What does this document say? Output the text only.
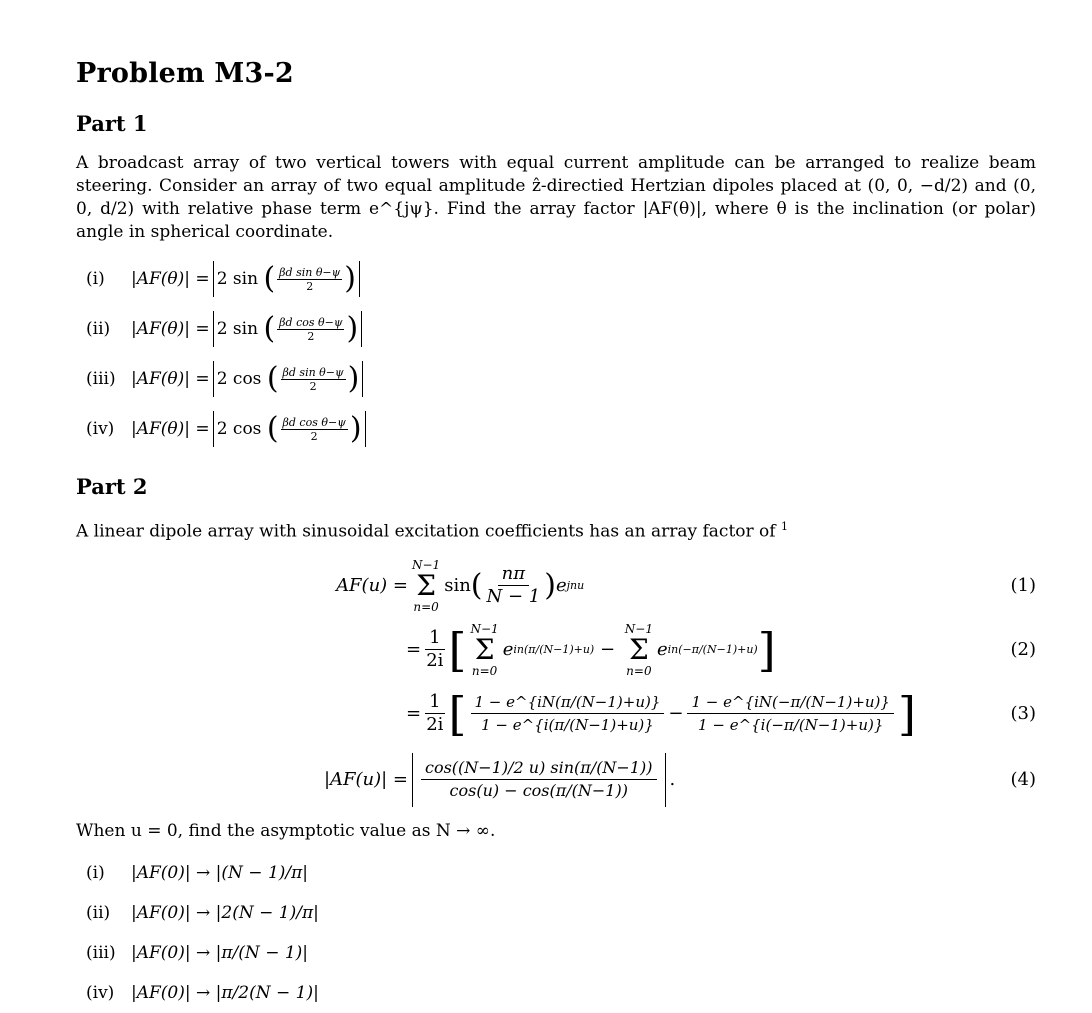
Problem M3-2
Part 1

A broadcast array of two vertical towers with equal current amplitude can be arranged to realize beam steering. Consider an array of two equal amplitude ẑ-directied Hertzian dipoles placed at (0, 0, −d/2) and (0, 0, d/2) with relative phase term e^{jψ}. Find the array factor |AF(θ)|, where θ is the inclination (or polar) angle in spherical coordinate.

(i)	|AF(θ)| = 2
sin
( $\frac{\text{βd sin θ−ψ}}{2}$ )
(ii)	|AF(θ)| = 2
sin
( $\frac{\text{βd cos θ−ψ}}{2}$ )
(iii) |AF(θ)| = 2
cos
( $\frac{\text{βd sin θ−ψ}}{2}$ )
(iv) |AF(θ)| = 2
cos
( $\frac{\text{βd cos θ−ψ}}{2}$ )
Part 2

A linear dipole array with sinusoidal excitation coefficients has an array factor of $^1$

AF(u) =
N−1
Σ
n=0
sin ( $\frac{n\pi}{N - 1}$ ) e jnu	(1)
= $\frac{1}{2i}$ [ N−1
Σ
n=0
e in(π/(N−1)+u)
−

N−1
Σ
n=0
e in(−π/(N−1)+u) ]	(2)
= $\frac{1}{2i}$ [ $\frac{1 - e\^{}\{iN(\pi/(N-1)+u)\}}{1 - e\^{}\{i(\pi/(N-1)+u)\}} - \frac{1 - e\^{}\{iN(-\pi/(N-1)+u)\}}{1 - e\^{}\{i(-\pi/(N-1)+u)\}}$ ]	(3)
$|AF(u)| = \frac{\cos((N-1)/2 u) \sin(\pi/(N-1))}{\cos(u) - \cos(\pi/(N-1))}$ .	(4)

When u = 0, find the asymptotic value as N → ∞.

(i)	|AF(0)| → |(N − 1)/π|
(ii)	|AF(0)| → |2(N − 1)/π|
(iii) |AF(0)| → |π/(N − 1)|
(iv) |AF(0)| → |π/2(N − 1)|
